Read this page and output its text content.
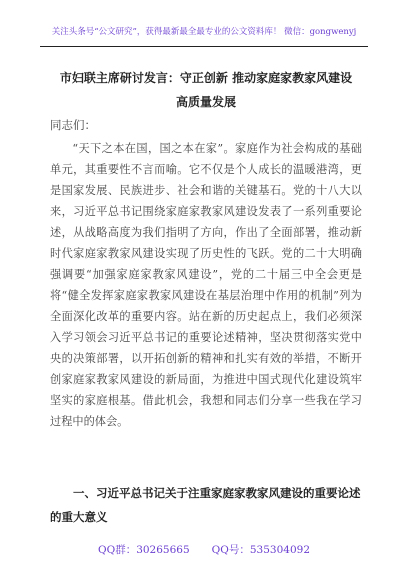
关注头条号“公文研究”，获得最新最全最专业的公文资料库！ 微信：gongwenyj
市妇联主席研讨发言：守正创新 推动家庭家教家风建设高质量发展
同志们：

“天下之本在国，国之本在家”。家庭作为社会构成的基础单元，其重要性不言而喻。它不仅是个人成长的温暖港湾，更是国家发展、民族进步、社会和谐的关键基石。党的十八大以来，习近平总书记围绕家庭家教家风建设发表了一系列重要论述，从战略高度为我们指明了方向，作出了全面部署，推动新时代家庭家教家风建设实现了历史性的飞跃。党的二十大明确强调要“加强家庭家教家风建设”，党的二十届三中全会更是将“健全发挥家庭家教家风建设在基层治理中作用的机制”列为全面深化改革的重要内容。站在新的历史起点上，我们必须深入学习领会习近平总书记的重要论述精神，坚决贯彻落实党中央的决策部署，以开拓创新的精神和扎实有效的举措，不断开创家庭家教家风建设的新局面，为推进中国式现代化建设筑牢坚实的家庭根基。借此机会，我想和同志们分享一些我在学习过程中的体会。

一、习近平总书记关于注重家庭家教家风建设的重要论述的重大意义

QQ群：30265665 QQ号：535304092
